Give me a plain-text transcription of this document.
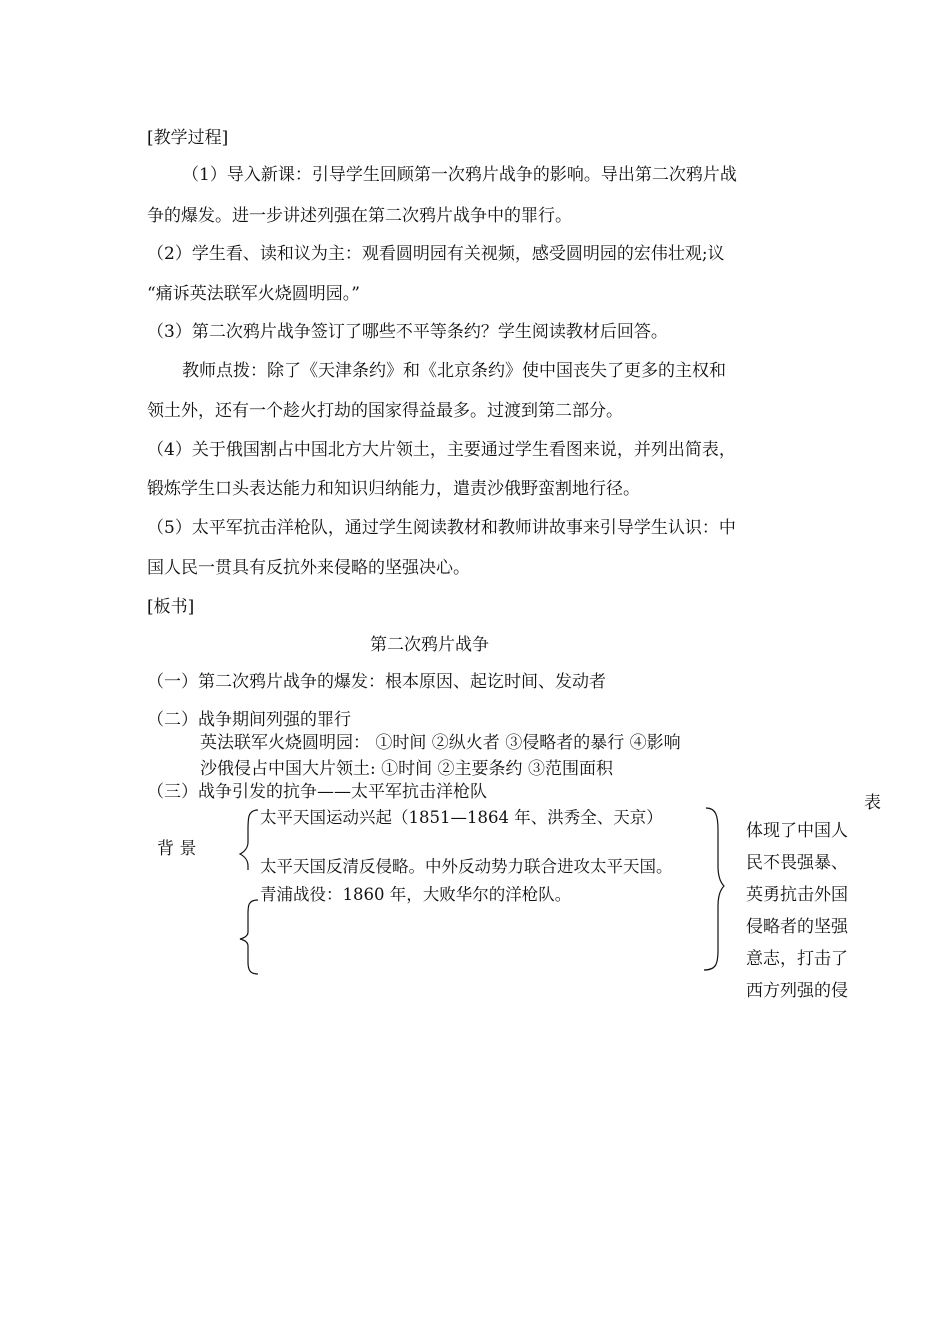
[教学过程]
（1）导入新课：引导学生回顾第一次鸦片战争的影响。导出第二次鸦片战
争的爆发。进一步讲述列强在第二次鸦片战争中的罪行。
（2）学生看、读和议为主：观看圆明园有关视频，感受圆明园的宏伟壮观;议
“痛诉英法联军火烧圆明园。”
（3）第二次鸦片战争签订了哪些不平等条约？学生阅读教材后回答。
教师点拨：除了《天津条约》和《北京条约》使中国丧失了更多的主权和
领土外，还有一个趁火打劫的国家得益最多。过渡到第二部分。
（4）关于俄国割占中国北方大片领土，主要通过学生看图来说，并列出简表，
锻炼学生口头表达能力和知识归纳能力，遣责沙俄野蛮割地行径。
（5）太平军抗击洋枪队，通过学生阅读教材和教师讲故事来引导学生认识：中
国人民一贯具有反抗外来侵略的坚强决心。
[板书]
第二次鸦片战争
（一）第二次鸦片战争的爆发：根本原因、起讫时间、发动者
（二）战争期间列强的罪行
英法联军火烧圆明园： ①时间 ②纵火者 ③侵略者的暴行 ④影响
沙俄侵占中国大片领土: ①时间 ②主要条约 ③范围面积
（三）战争引发的抗争——太平军抗击洋枪队
表
背 景
太平天国运动兴起（1851—1864 年、洪秀全、天京）
太平天国反清反侵略。中外反动势力联合进攻太平天国。
青浦战役：1860 年，大败华尔的洋枪队。
体现了中国人
民不畏强暴、
英勇抗击外国
侵略者的坚强
意志，打击了
西方列强的侵
